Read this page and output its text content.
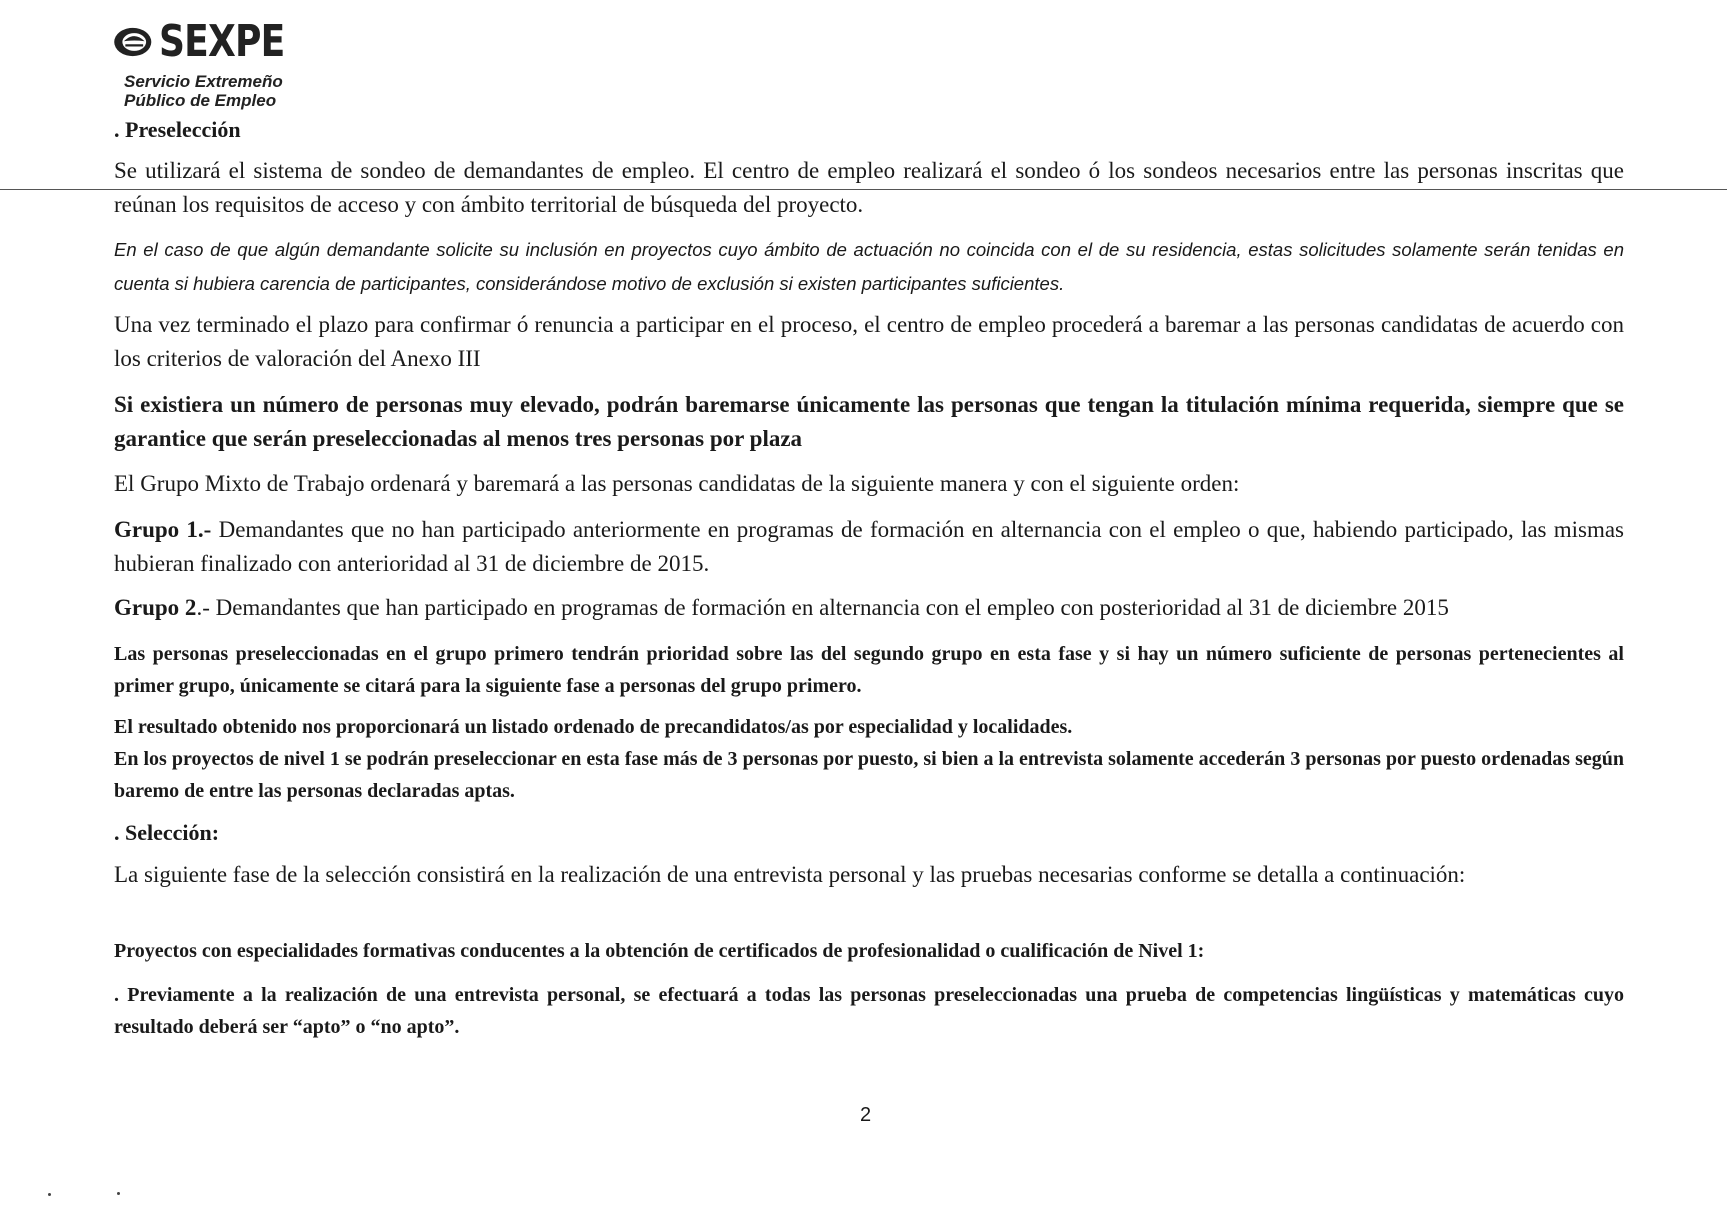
SEXPE
Servicio Extremeño
Público de Empleo

. Preselección

Se utilizará el sistema de sondeo de demandantes de empleo. El centro de empleo realizará el sondeo ó los sondeos necesarios entre las personas inscritas que reúnan los requisitos de acceso y con ámbito territorial de búsqueda del proyecto.

En el caso de que algún demandante solicite su inclusión en proyectos cuyo ámbito de actuación no coincida con el de su residencia, estas solicitudes solamente serán tenidas en cuenta si hubiera carencia de participantes, considerándose motivo de exclusión si existen participantes suficientes.

Una vez terminado el plazo para confirmar ó renuncia a participar en el proceso, el centro de empleo procederá a baremar a las personas candidatas de acuerdo con los criterios de valoración del Anexo III

Si existiera un número de personas muy elevado, podrán baremarse únicamente las personas que tengan la titulación mínima requerida, siempre que se garantice que serán preseleccionadas al menos tres personas por plaza

El Grupo Mixto de Trabajo ordenará y baremará a las personas candidatas de la siguiente manera y con el siguiente orden:

Grupo 1.- Demandantes que no han participado anteriormente en programas de formación en alternancia con el empleo o que, habiendo participado, las mismas hubieran finalizado con anterioridad al 31 de diciembre de 2015.

Grupo 2.- Demandantes que han participado en programas de formación en alternancia con el empleo con posterioridad al 31 de diciembre 2015

Las personas preseleccionadas en el grupo primero tendrán prioridad sobre las del segundo grupo en esta fase y si hay un número suficiente de personas pertenecientes al primer grupo, únicamente se citará para la siguiente fase a personas del grupo primero.

El resultado obtenido nos proporcionará un listado ordenado de precandidatos/as por especialidad y localidades.

En los proyectos de nivel 1 se podrán preseleccionar en esta fase más de 3 personas por puesto, si bien a la entrevista solamente accederán 3 personas por puesto ordenadas según baremo de entre las personas declaradas aptas.

. Selección:

La siguiente fase de la selección consistirá en la realización de una entrevista personal y las pruebas necesarias conforme se detalla a continuación:

Proyectos con especialidades formativas conducentes a la obtención de certificados de profesionalidad o cualificación de Nivel 1:

. Previamente a la realización de una entrevista personal, se efectuará a todas las personas preseleccionadas una prueba de competencias lingüísticas y matemáticas cuyo resultado deberá ser “apto” o “no apto”.

2
